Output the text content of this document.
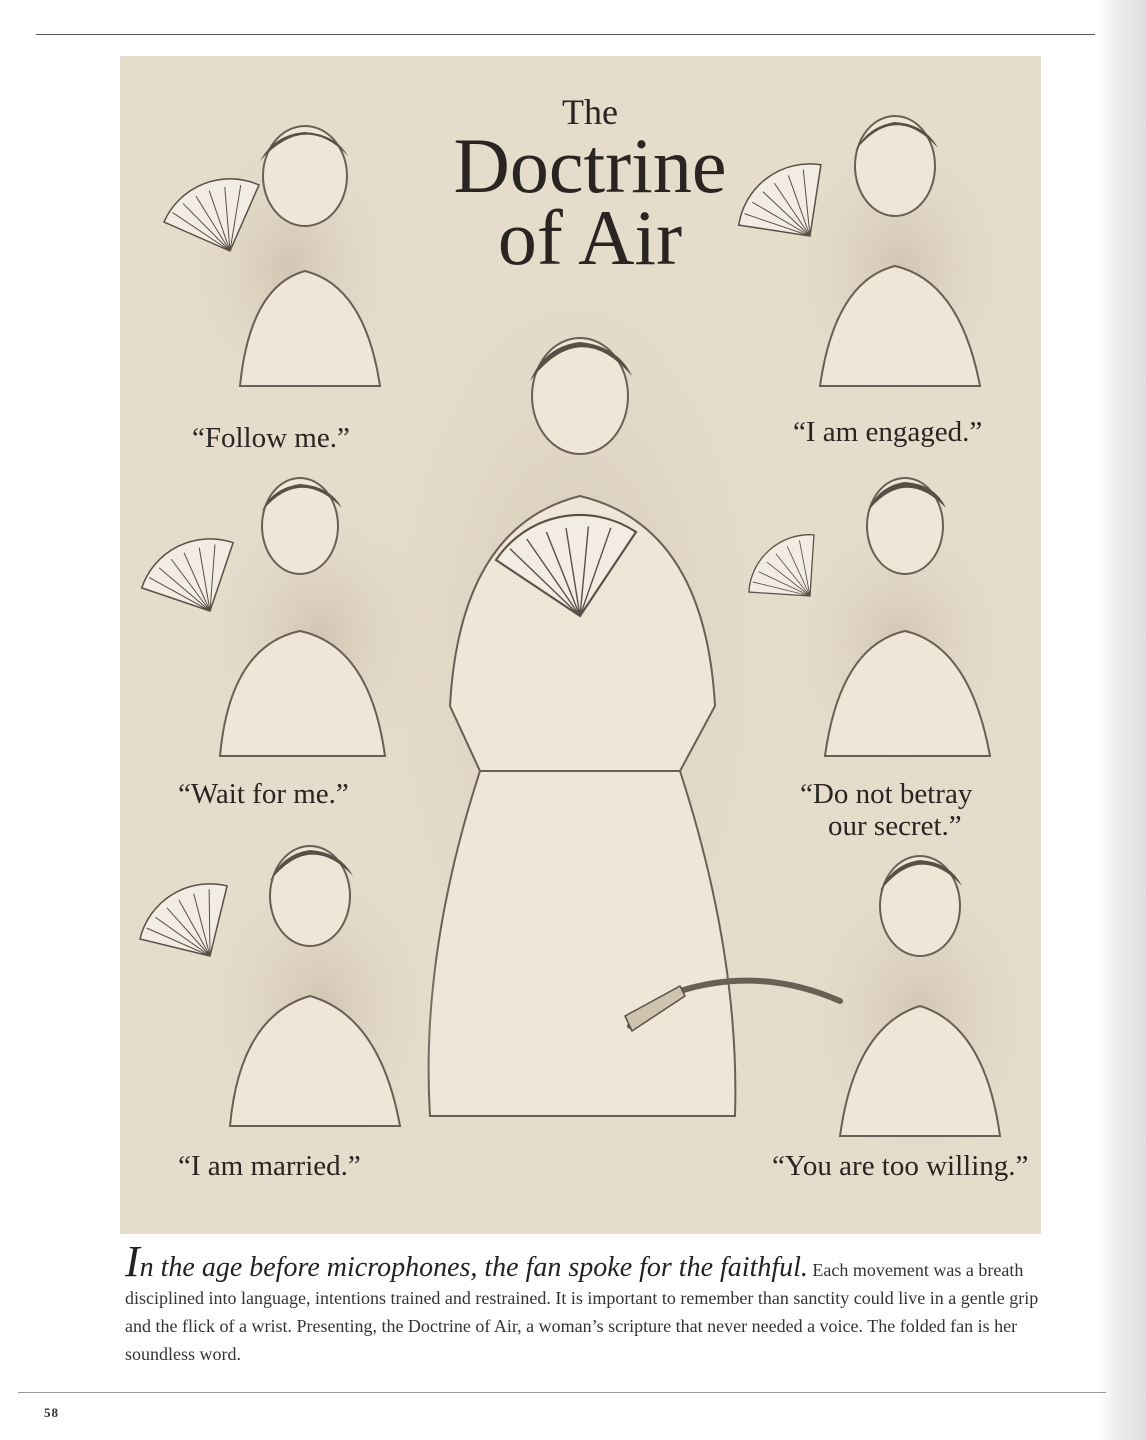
The
Doctrine
of Air
“Follow me.”	“I am engaged.”
“Wait for me.”	“Do not betray
our secret.”
“I am married.”	“You are too willing.”
In the age before microphones, the fan spoke for the faithful. Each movement was a breath disciplined into language, intentions trained and restrained. It is important to remember than sanctity could live in a gentle grip and the flick of a wrist. Presenting, the Doctrine of Air, a woman’s scripture that never needed a voice. The folded fan is her soundless word.
58
